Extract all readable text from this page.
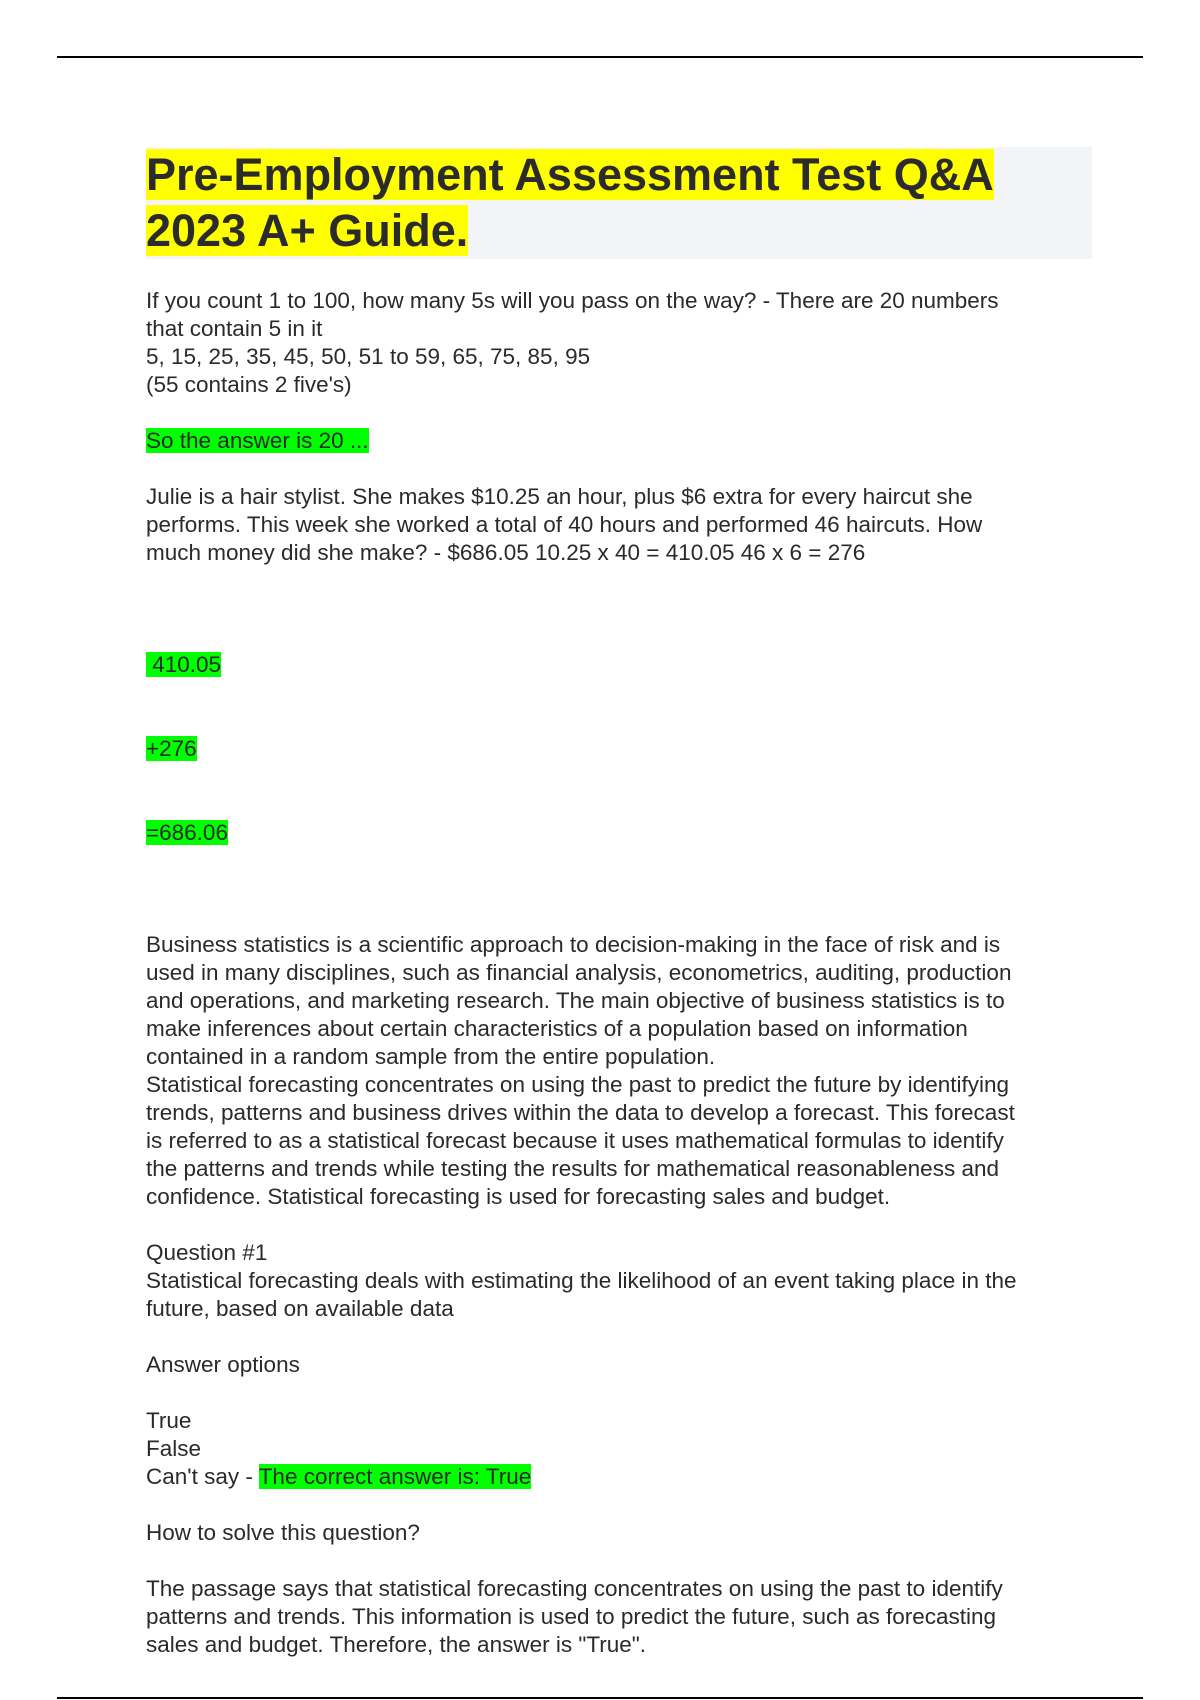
Pre-Employment Assessment Test Q&A
2023 A+ Guide.

If you count 1 to 100, how many 5s will you pass on the way? - There are 20 numbers
that contain 5 in it
5, 15, 25, 35, 45, 50, 51 to 59, 65, 75, 85, 95
(55 contains 2 five's)

So the answer is 20 ...

Julie is a hair stylist. She makes $10.25 an hour, plus $6 extra for every haircut she
performs. This week she worked a total of 40 hours and performed 46 haircuts. How
much money did she make? - $686.05 10.25 x 40 = 410.05 46 x 6 = 276

410.05

+276

=686.06

Business statistics is a scientific approach to decision-making in the face of risk and is
used in many disciplines, such as financial analysis, econometrics, auditing, production
and operations, and marketing research. The main objective of business statistics is to
make inferences about certain characteristics of a population based on information
contained in a random sample from the entire population.
Statistical forecasting concentrates on using the past to predict the future by identifying
trends, patterns and business drives within the data to develop a forecast. This forecast
is referred to as a statistical forecast because it uses mathematical formulas to identify
the patterns and trends while testing the results for mathematical reasonableness and
confidence. Statistical forecasting is used for forecasting sales and budget.

Question #1
Statistical forecasting deals with estimating the likelihood of an event taking place in the
future, based on available data

Answer options

True
False
Can't say - The correct answer is: True

How to solve this question?

The passage says that statistical forecasting concentrates on using the past to identify
patterns and trends. This information is used to predict the future, such as forecasting
sales and budget. Therefore, the answer is "True".
